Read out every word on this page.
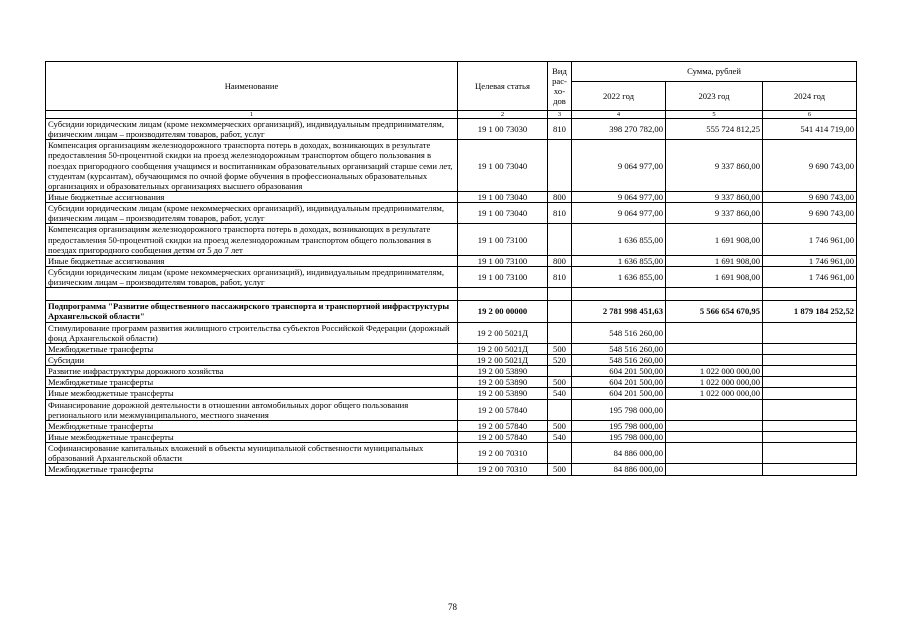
Наименование	Целевая статья	Вид рас-хо-дов	Сумма, рублей		
			2022 год	2023 год	2024 год
1	2	3	4	5	6
Субсидии юридическим лицам (кроме некоммерческих организаций), индивидуальным предпринимателям, физическим лицам – производителям товаров, работ, услуг	19 1 00 73030	810	398 270 782,00	555 724 812,25	541 414 719,00
Компенсация организациям железнодорожного транспорта потерь в доходах, возникающих в результате предоставления 50-процентной скидки на проезд железнодорожным транспортом общего пользования в поездах пригородного сообщения учащимся и воспитанникам образовательных организаций старше семи лет, студентам (курсантам), обучающимся по очной форме обучения в профессиональных образовательных организациях и образовательных организациях высшего образования	19 1 00 73040		9 064 977,00	9 337 860,00	9 690 743,00
Иные бюджетные ассигнования	19 1 00 73040	800	9 064 977,00	9 337 860,00	9 690 743,00
Субсидии юридическим лицам (кроме некоммерческих организаций), индивидуальным предпринимателям, физическим лицам – производителям товаров, работ, услуг	19 1 00 73040	810	9 064 977,00	9 337 860,00	9 690 743,00
Компенсация организациям железнодорожного транспорта потерь в доходах, возникающих в результате предоставления 50-процентной скидки на проезд железнодорожным транспортом общего пользования в поездах пригородного сообщения детям от 5 до 7 лет	19 1 00 73100		1 636 855,00	1 691 908,00	1 746 961,00
Иные бюджетные ассигнования	19 1 00 73100	800	1 636 855,00	1 691 908,00	1 746 961,00
Субсидии юридическим лицам (кроме некоммерческих организаций), индивидуальным предпринимателям, физическим лицам – производителям товаров, работ, услуг	19 1 00 73100	810	1 636 855,00	1 691 908,00	1 746 961,00

Подпрограмма "Развитие общественного пассажирского транспорта и транспортной инфраструктуры Архангельской области"	19 2 00 00000		2 781 998 451,63	5 566 654 670,95	1 879 184 252,52
Стимулирование программ развития жилищного строительства субъектов Российской Федерации (дорожный фонд Архангельской области)	19 2 00 5021Д		548 516 260,00		
Межбюджетные трансферты	19 2 00 5021Д	500	548 516 260,00		
Субсидии	19 2 00 5021Д	520	548 516 260,00		
Развитие инфраструктуры дорожного хозяйства	19 2 00 53890		604 201 500,00	1 022 000 000,00	
Межбюджетные трансферты	19 2 00 53890	500	604 201 500,00	1 022 000 000,00	
Иные межбюджетные трансферты	19 2 00 53890	540	604 201 500,00	1 022 000 000,00	
Финансирование дорожной деятельности в отношении автомобильных дорог общего пользования регионального или межмуниципального, местного значения	19 2 00 57840		195 798 000,00		
Межбюджетные трансферты	19 2 00 57840	500	195 798 000,00		
Иные межбюджетные трансферты	19 2 00 57840	540	195 798 000,00		
Софинансирование капитальных вложений в объекты муниципальной собственности муниципальных образований Архангельской области	19 2 00 70310		84 886 000,00		
Межбюджетные трансферты	19 2 00 70310	500	84 886 000,00		
78
